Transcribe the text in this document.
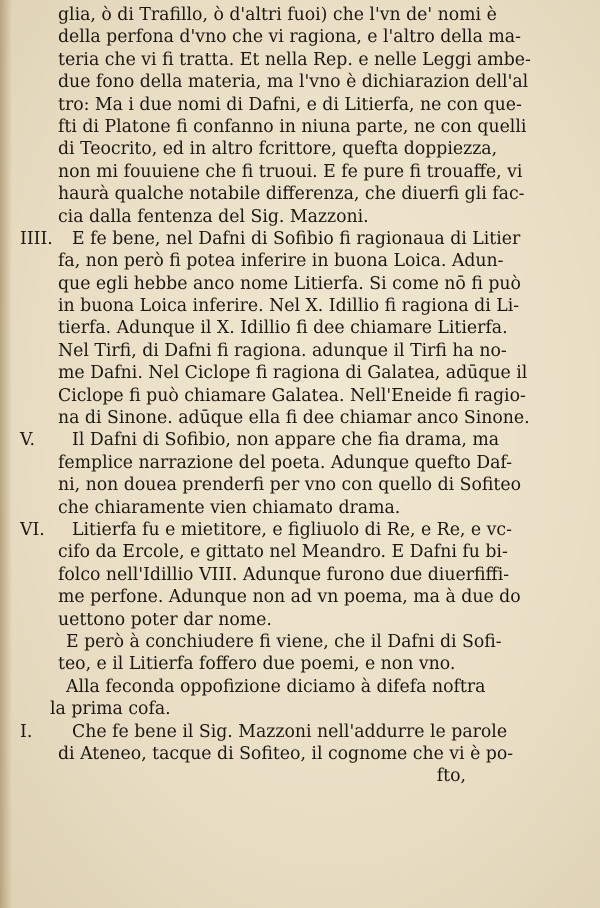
glia, ò di Trafillo, ò d'altri fuoi) che l'vn de' nomi è
della perfona d'vno che vi ragiona, e l'altro della ma-
teria che vi fi tratta. Et nella Rep. e nelle Leggi ambe-
due fono della materia, ma l'vno è dichiarazion dell'al
tro: Ma i due nomi di Dafni, e di Litierfa, ne con que-
fti di Platone fi confanno in niuna parte, ne con quelli
di Teocrito, ed in altro fcrittore, quefta doppiezza,
non mi fouuiene che fi truoui. E fe pure fi trouaffe, vi
haurà qualche notabile differenza, che diuerfi gli fac-
cia dalla fentenza del Sig. Mazzoni.
IIII. E fe bene, nel Dafni di Sofibio fi ragionaua di Litier
fa, non però fi potea inferire in buona Loica. Adun-
que egli hebbe anco nome Litierfa. Si come nō fi può
in buona Loica inferire. Nel X. Idillio fi ragiona di Li-
tierfa. Adunque il X. Idillio fi dee chiamare Litierfa.
Nel Tirfi, di Dafni fi ragiona. adunque il Tirfi ha no-
me Dafni. Nel Ciclope fi ragiona di Galatea, adūque il
Ciclope fi può chiamare Galatea. Nell'Eneide fi ragio-
na di Sinone. adūque ella fi dee chiamar anco Sinone.
V. Il Dafni di Sofibio, non appare che fia drama, ma
femplice narrazione del poeta. Adunque quefto Daf-
ni, non douea prenderfi per vno con quello di Sofiteo
che chiaramente vien chiamato drama.
VI. Litierfa fu e mietitore, e figliuolo di Re, e Re, e vc-
cifo da Ercole, e gittato nel Meandro. E Dafni fu bi-
folco nell'Idillio VIII. Adunque furono due diuerfiffi-
me perfone. Adunque non ad vn poema, ma à due do
uettono poter dar nome.
E però à conchiudere fi viene, che il Dafni di Sofi-
teo, e il Litierfa foffero due poemi, e non vno.
Alla feconda oppofizione diciamo à difefa noftra
la prima cofa.
I. Che fe bene il Sig. Mazzoni nell'addurre le parole
di Ateneo, tacque di Sofiteo, il cognome che vi è po-
fto,
